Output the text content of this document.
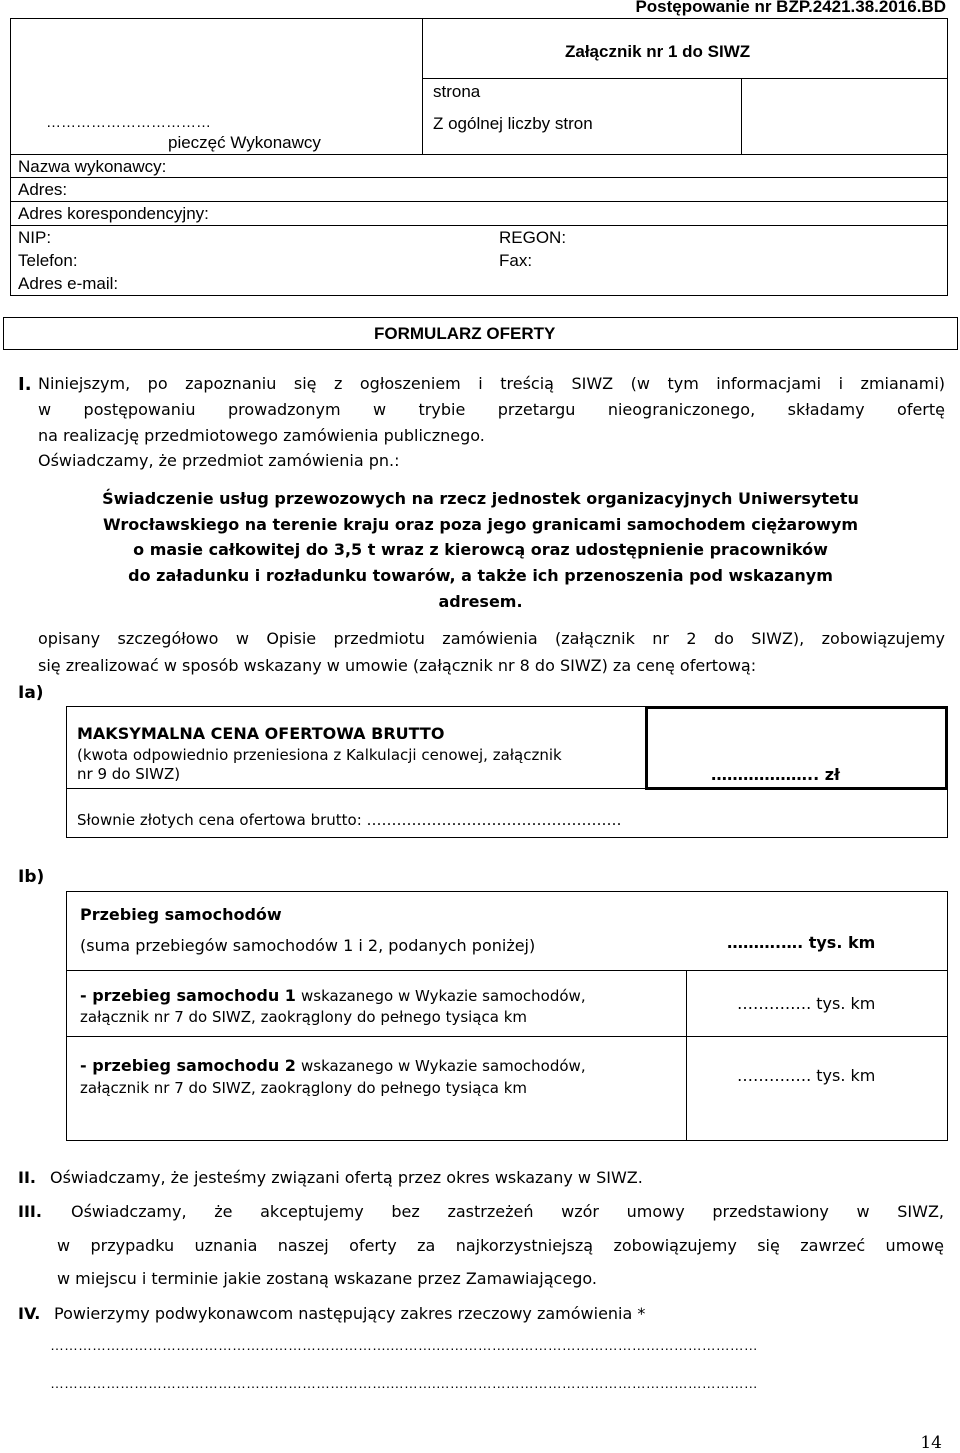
Postępowanie nr BZP.2421.38.2016.BD
Załącznik nr 1 do SIWZ
strona
Z ogólnej liczby stron
……………………………
pieczęć Wykonawcy
Nazwa wykonawcy:
Adres:
Adres korespondencyjny:
NIP:	REGON:
Telefon:	Fax:
Adres e-mail:
FORMULARZ OFERTY
I. Niniejszym, po zapoznaniu się z ogłoszeniem i treścią SIWZ (w tym informacjami i zmianami)
w postępowaniu prowadzonym w trybie przetargu nieograniczonego, składamy ofertę
na realizację przedmiotowego zamówienia publicznego.
Oświadczamy, że przedmiot zamówienia pn.:
Świadczenie usług przewozowych na rzecz jednostek organizacyjnych Uniwersytetu
Wrocławskiego na terenie kraju oraz poza jego granicami samochodem ciężarowym
o masie całkowitej do 3,5 t wraz z kierowcą oraz udostępnienie pracowników
do załadunku i rozładunku towarów, a także ich przenoszenia pod wskazanym
adresem.
opisany szczegółowo w Opisie przedmiotu zamówienia (załącznik nr 2 do SIWZ), zobowiązujemy
się zrealizować w sposób wskazany w umowie (załącznik nr 8 do SIWZ) za cenę ofertową:
Ia)
MAKSYMALNA CENA OFERTOWA BRUTTO
(kwota odpowiednio przeniesiona z Kalkulacji cenowej, załącznik
nr 9 do SIWZ)	……………….. zł
Słownie złotych cena ofertowa brutto: ……………………………………………
Ib)
Przebieg samochodów
(suma przebiegów samochodów 1 i 2, podanych poniżej)	……….…. tys. km
- przebieg samochodu 1 wskazanego w Wykazie samochodów,
załącznik nr 7 do SIWZ, zaokrąglony do pełnego tysiąca km
……….…. tys. km
- przebieg samochodu 2 wskazanego w Wykazie samochodów,
załącznik nr 7 do SIWZ, zaokrąglony do pełnego tysiąca km
……….…. tys. km
II. Oświadczamy, że jesteśmy związani ofertą przez okres wskazany w SIWZ.
III. Oświadczamy, że akceptujemy bez zastrzeżeń wzór umowy przedstawiony w SIWZ,
w przypadku uznania naszej oferty za najkorzystniejszą zobowiązujemy się zawrzeć umowę
w miejscu i terminie jakie zostaną wskazane przez Zamawiającego.
IV. Powierzymy podwykonawcom następujący zakres rzeczowy zamówienia *
……………………………………………………………….……….……………………………………………………………
……………………………………………………………….……….……………………………………………………………
14
